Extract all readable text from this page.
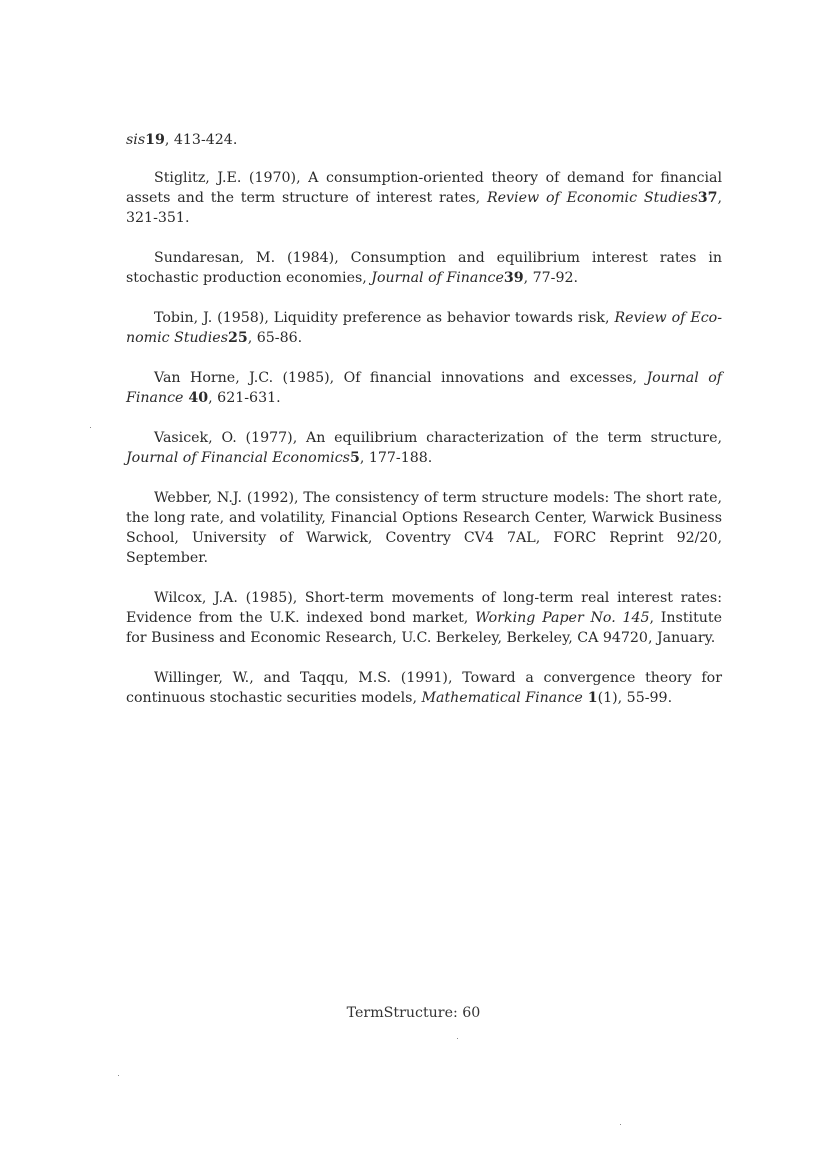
sis19, 413-424.

Stiglitz, J.E. (1970), A consumption-oriented theory of demand for financial assets and the term structure of interest rates, Review of Economic Studies37, 321-351.

Sundaresan, M. (1984), Consumption and equilibrium interest rates in stochastic production economies, Journal of Finance39, 77-92.

Tobin, J. (1958), Liquidity preference as behavior towards risk, Review of Eco-nomic Studies25, 65-86.

Van Horne, J.C. (1985), Of financial innovations and excesses, Journal of Finance 40, 621-631.

Vasicek, O. (1977), An equilibrium characterization of the term structure, Journal of Financial Economics5, 177-188.

Webber, N.J. (1992), The consistency of term structure models: The short rate, the long rate, and volatility, Financial Options Research Center, Warwick Business School, University of Warwick, Coventry CV4 7AL, FORC Reprint 92/20, September.

Wilcox, J.A. (1985), Short-term movements of long-term real interest rates: Evidence from the U.K. indexed bond market, Working Paper No. 145, Institute for Business and Economic Research, U.C. Berkeley, Berkeley, CA 94720, January.

Willinger, W., and Taqqu, M.S. (1991), Toward a convergence theory for continuous stochastic securities models, Mathematical Finance 1(1), 55-99.

TermStructure: 60
